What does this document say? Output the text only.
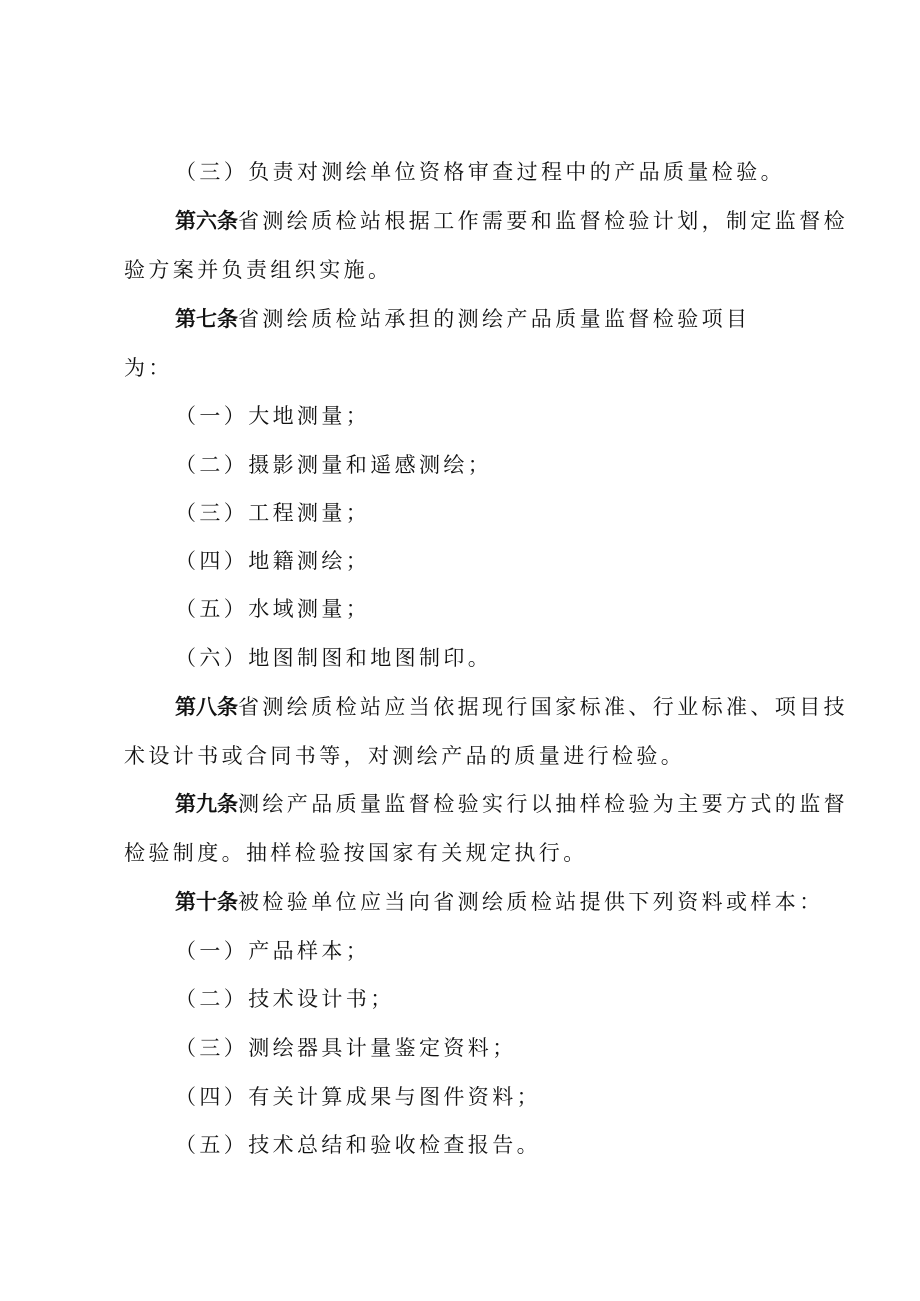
（三）负责对测绘单位资格审查过程中的产品质量检验。
第六条省测绘质检站根据工作需要和监督检验计划，制定监督检
验方案并负责组织实施。
第七条省测绘质检站承担的测绘产品质量监督检验项目
为：
（一）大地测量；
（二）摄影测量和遥感测绘；
（三）工程测量；
（四）地籍测绘；
（五）水域测量；
（六）地图制图和地图制印。
第八条省测绘质检站应当依据现行国家标准、行业标准、项目技
术设计书或合同书等，对测绘产品的质量进行检验。
第九条测绘产品质量监督检验实行以抽样检验为主要方式的监督
检验制度。抽样检验按国家有关规定执行。
第十条被检验单位应当向省测绘质检站提供下列资料或样本：
（一）产品样本；
（二）技术设计书；
（三）测绘器具计量鉴定资料；
（四）有关计算成果与图件资料；
（五）技术总结和验收检查报告。
